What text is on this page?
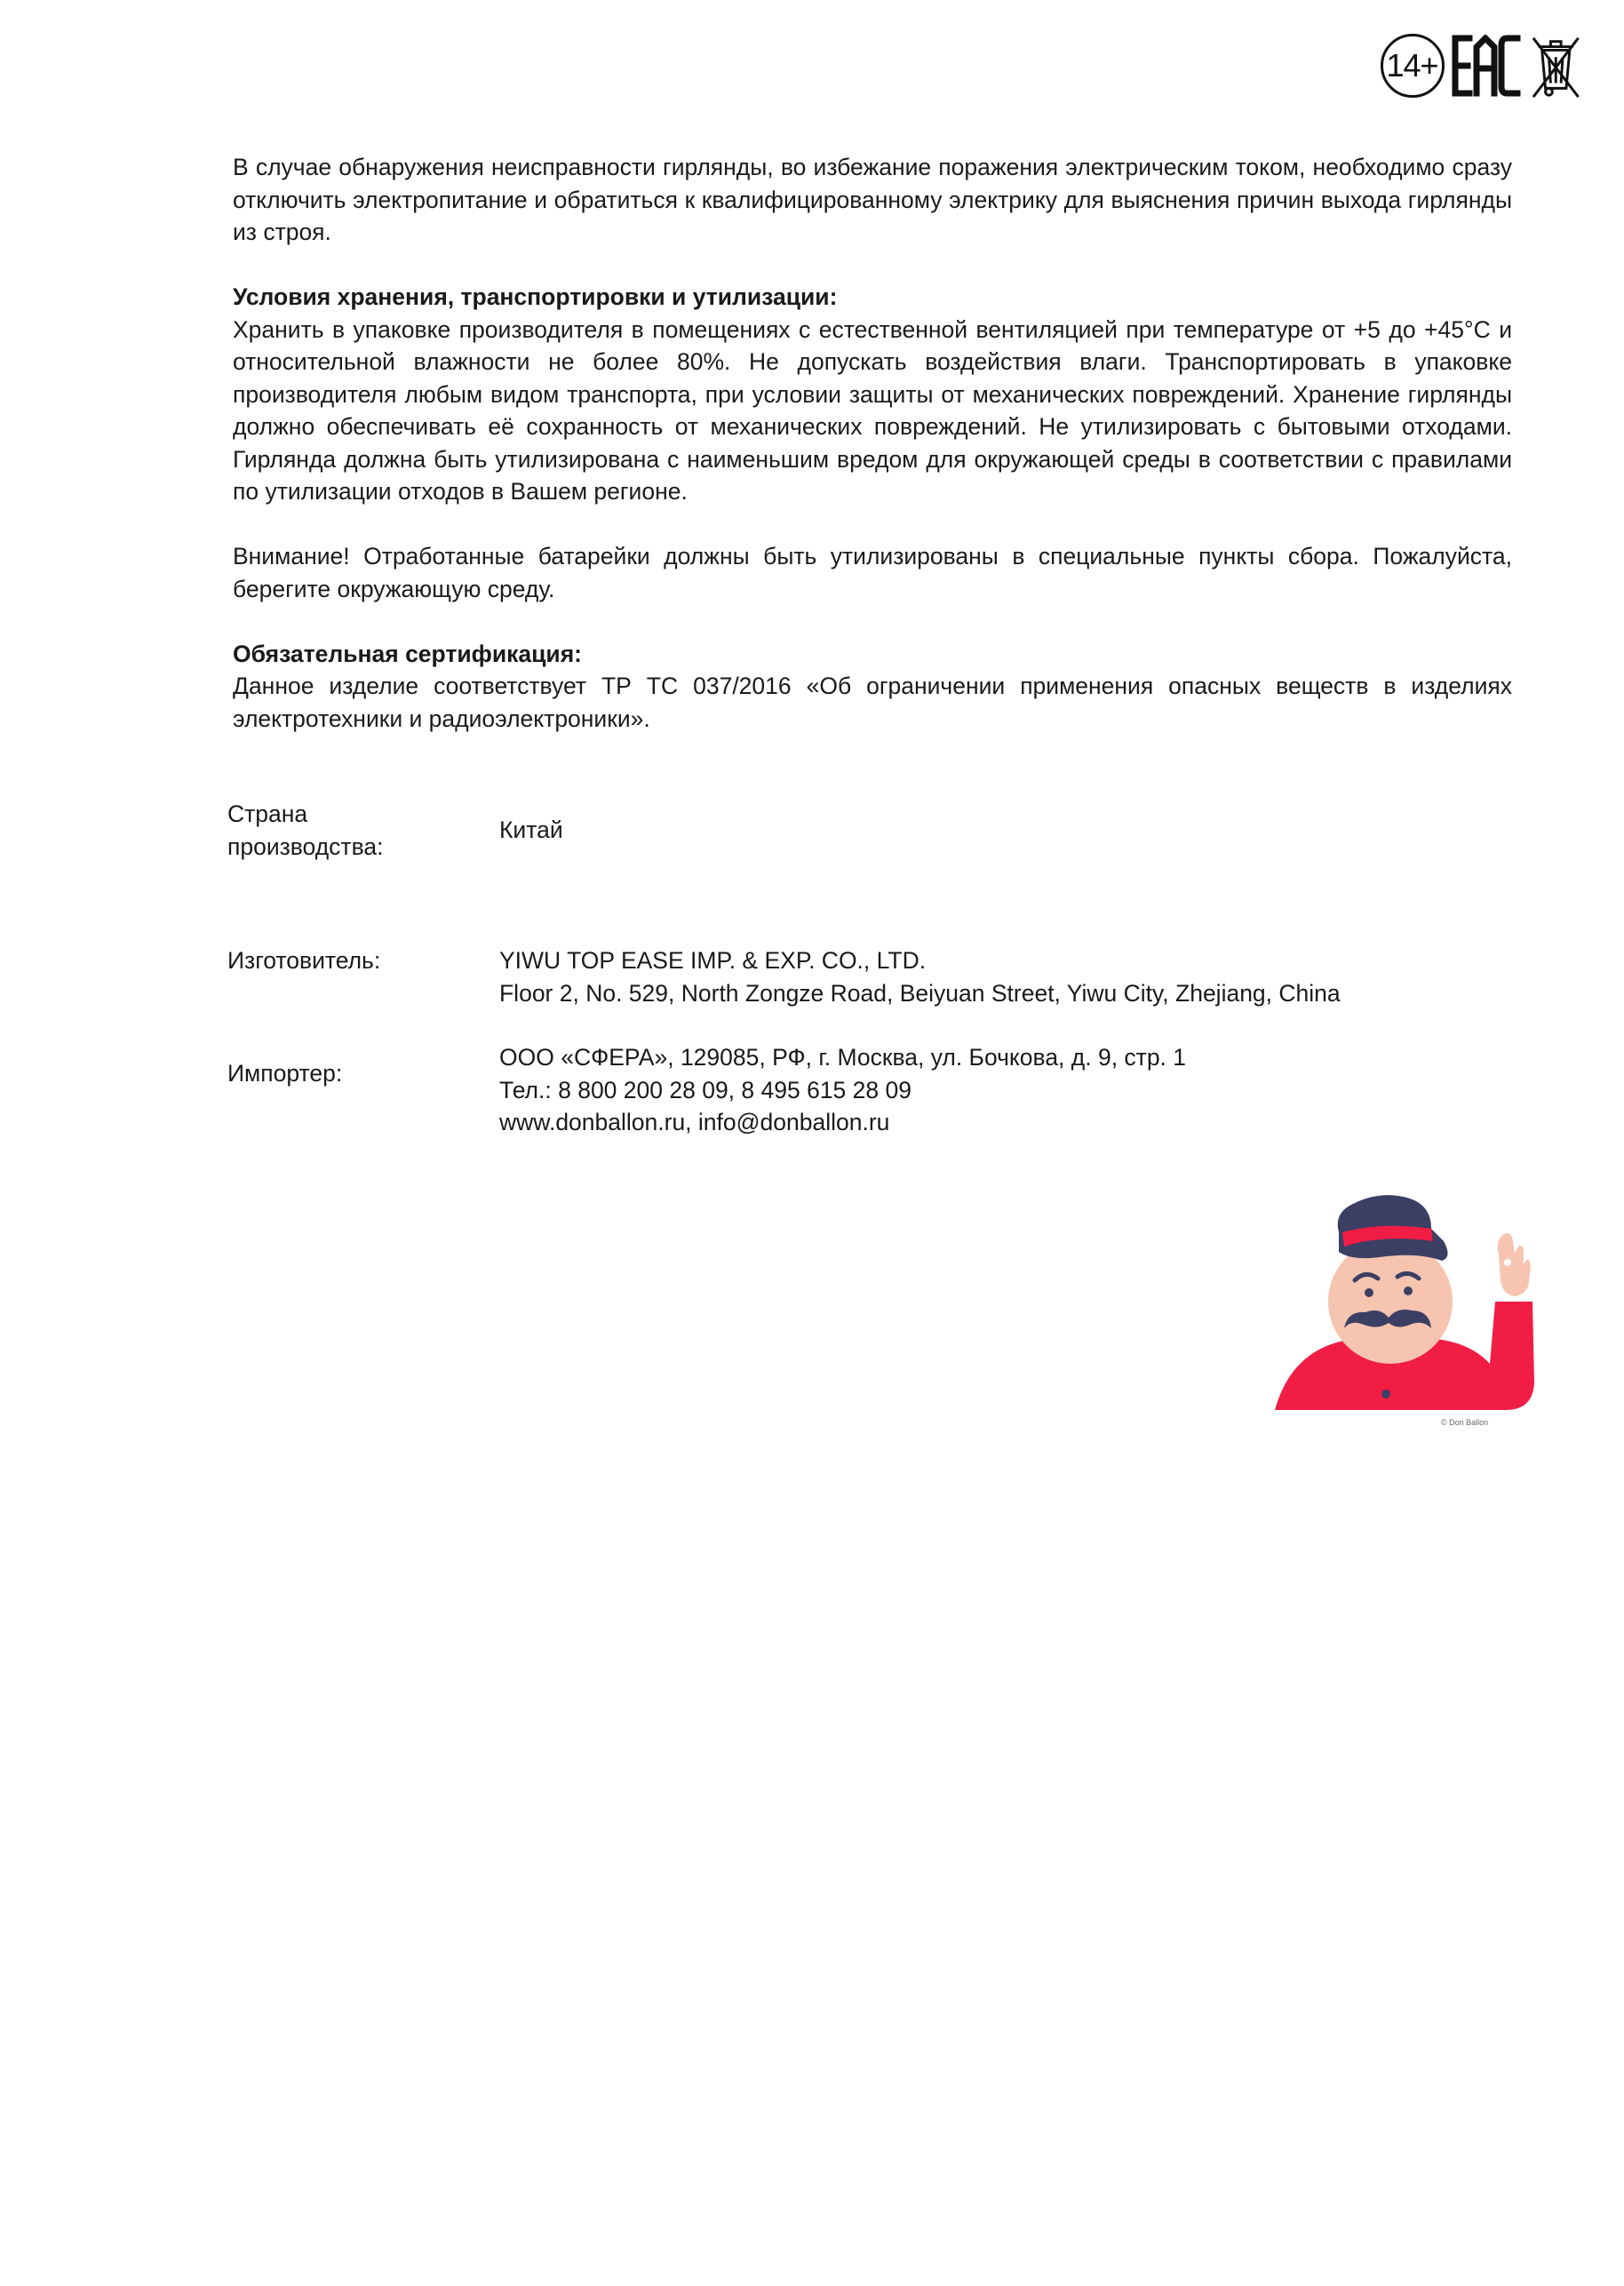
14+

В случае обнаружения неисправности гирлянды, во избежание поражения электрическим током, необходимо сразу отключить электропитание и обратиться к квалифицированному электрику для выяснения причин выхода гирлянды из строя.

Условия хранения, транспортировки и утилизации:

Хранить в упаковке производителя в помещениях с естественной вентиляцией при температуре от +5 до +45°С и относительной влажности не более 80%. Не допускать воздействия влаги. Транспортировать в упаковке производителя любым видом транспорта, при условии защиты от механических повреждений. Хранение гирлянды должно обеспечивать её сохранность от механических повреждений. Не утилизировать с бытовыми отходами. Гирлянда должна быть утилизирована с наименьшим вредом для окружающей среды в соответствии с правилами по утилизации отходов в Вашем регионе.

Внимание! Отработанные батарейки должны быть утилизированы в специальные пункты сбора. Пожалуйста, берегите окружающую среду.

Обязательная сертификация:

Данное изделие соответствует ТР ТС 037/2016 «Об ограничении применения опасных веществ в изделиях электротехники и радиоэлектроники».

Страна
производства:
Китай
Изготовитель:	YIWU TOP EASE IMP. & EXP. CO., LTD.
Floor 2, No. 529, North Zongze Road, Beiyuan Street, Yiwu City, Zhejiang, China
Импортер:
ООО «СФЕРА», 129085, РФ, г. Москва, ул. Бочкова, д. 9, стр. 1
Тел.: 8 800 200 28 09, 8 495 615 28 09
www.donballon.ru, info@donballon.ru
© Don Ballon
